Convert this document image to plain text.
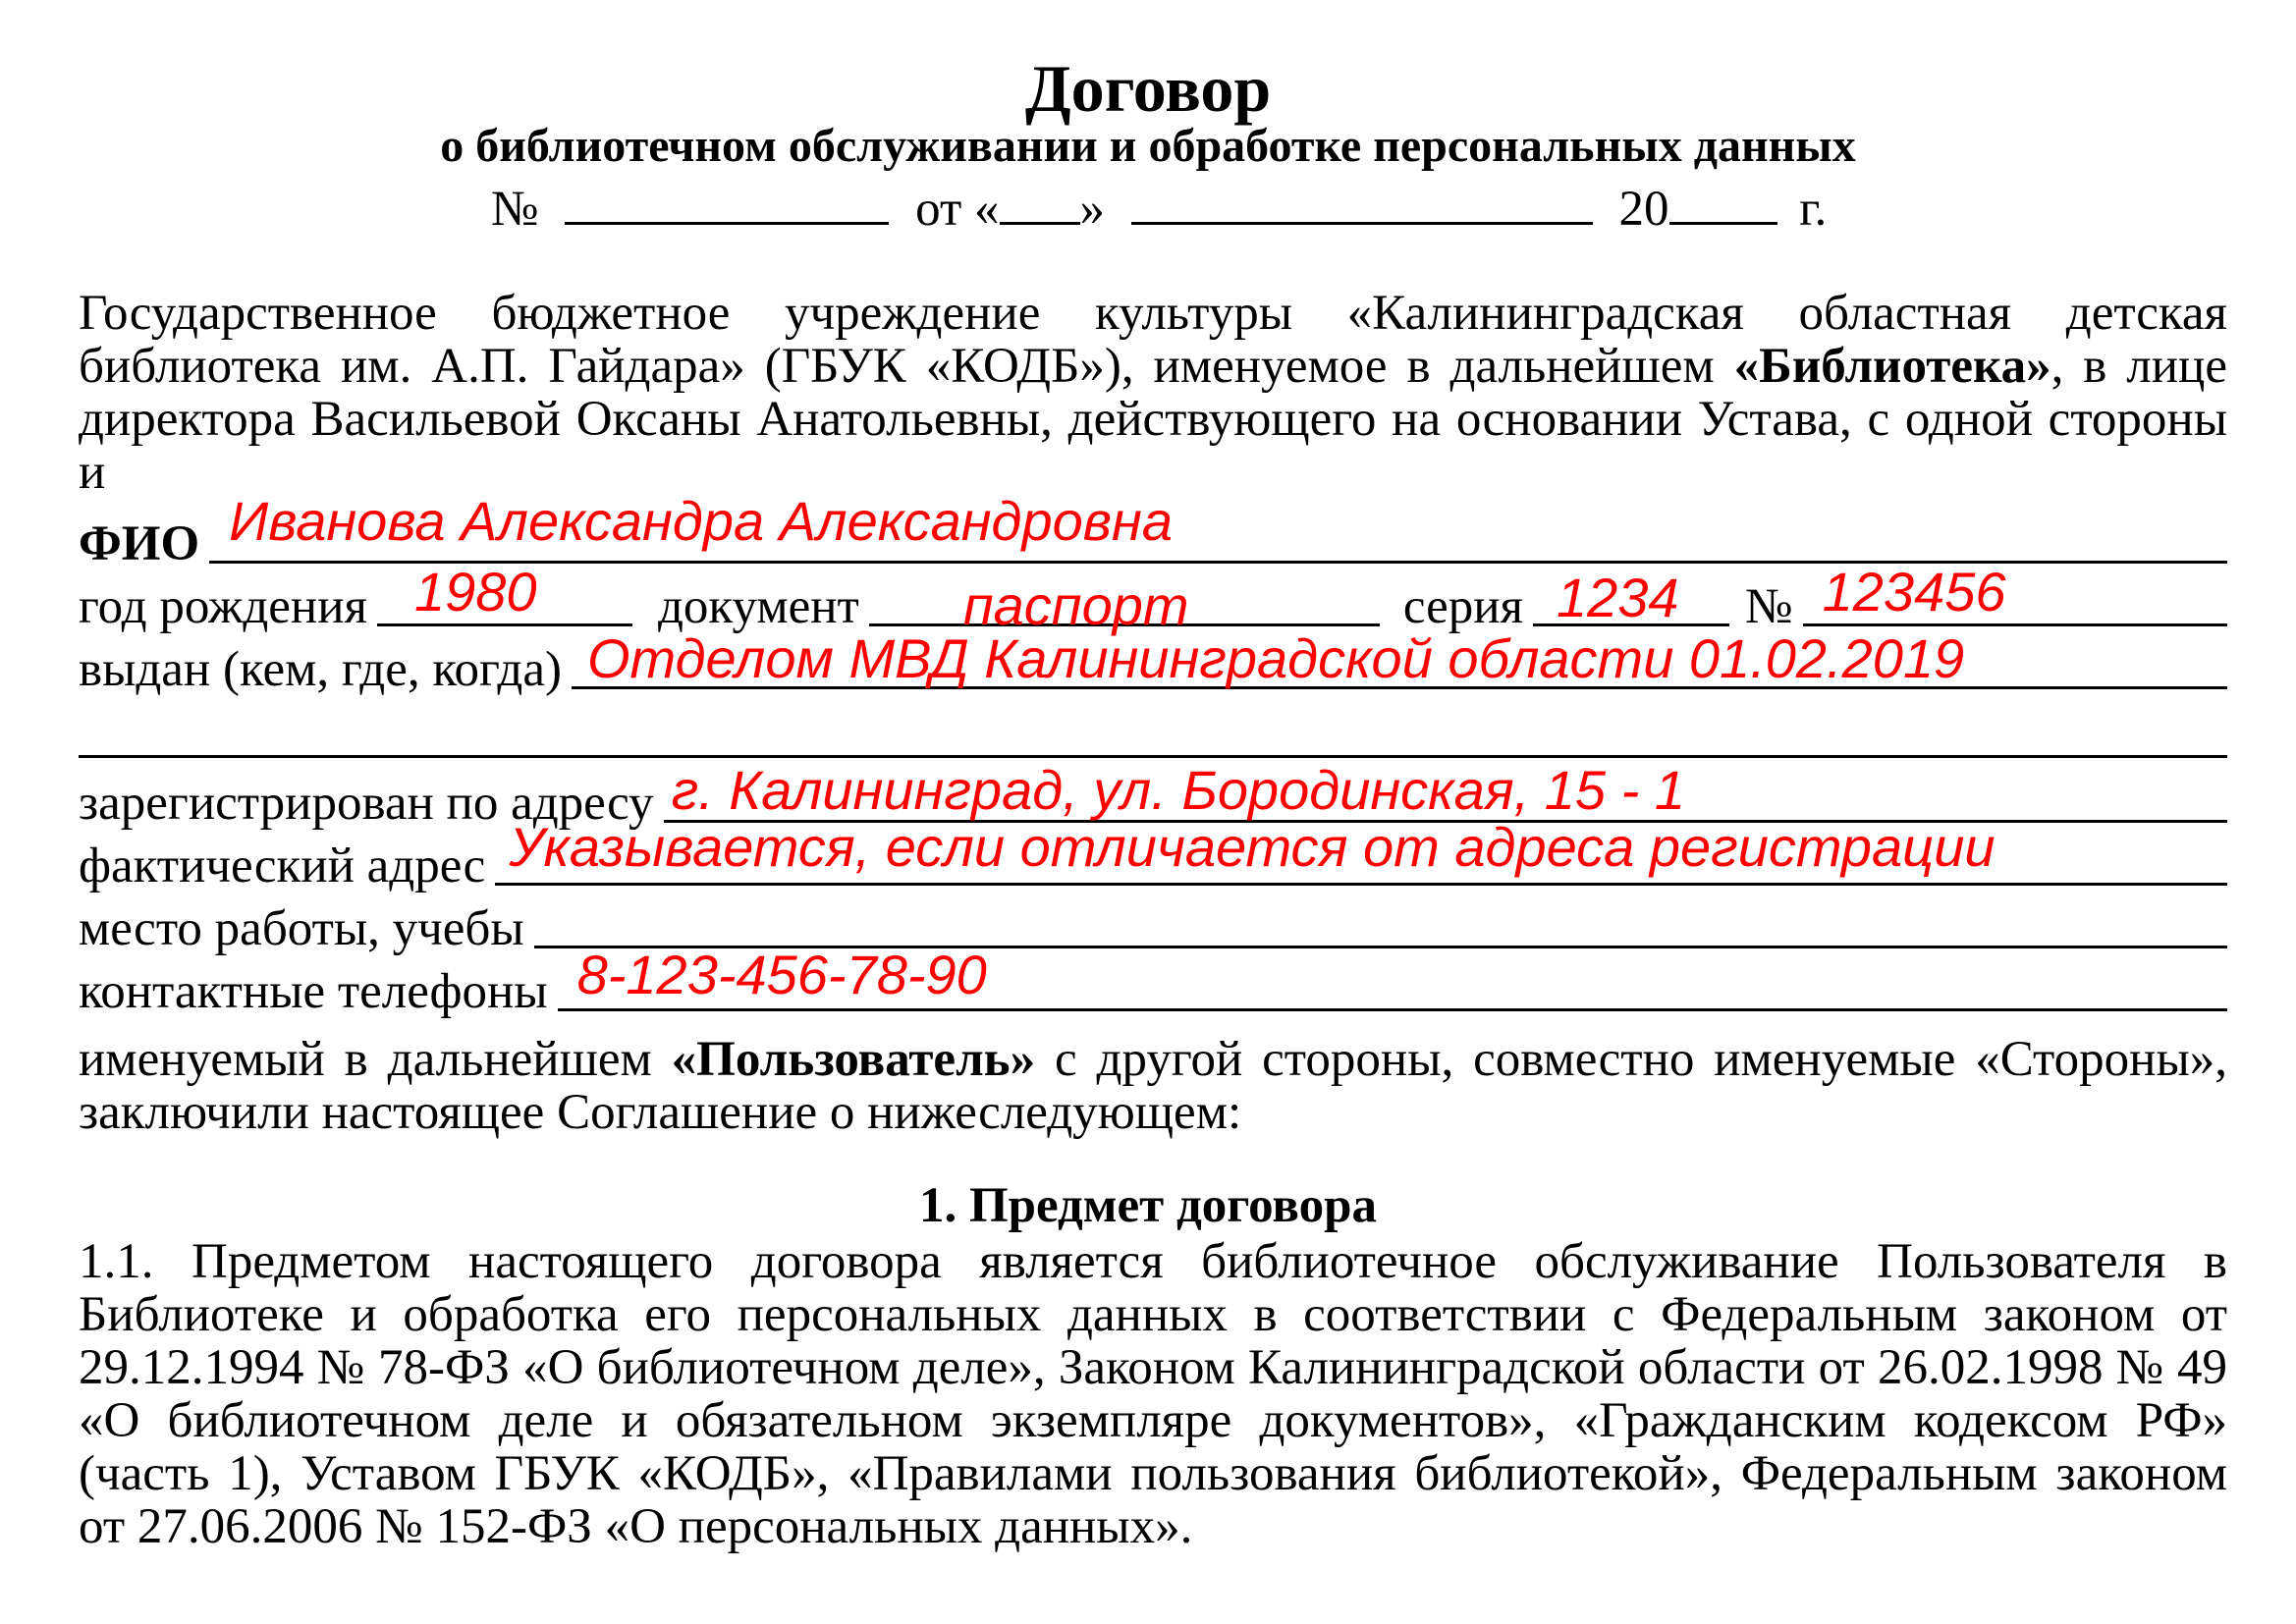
Договор
о библиотечном обслуживании и обработке персональных данных
№	от « »	20	г.
Государственное бюджетное учреждение культуры «Калининградская областная детская библиотека им. А.П. Гайдара» (ГБУК «КОДБ»), именуемое в дальнейшем «Библиотека», в лице директора Васильевой Оксаны Анатольевны, действующего на основании Устава, с одной стороны и
ФИО Иванова Александра Александровна
год рождения 1980	документ паспорт	серия 1234	№ 123456
выдан (кем, где, когда) Отделом МВД Калининградской области 01.02.2019
зарегистрирован по адресу г. Калининград, ул. Бородинская, 15 - 1
фактический адрес Указывается, если отличается от адреса регистрации
место работы, учебы
контактные телефоны 8-123-456-78-90
именуемый в дальнейшем «Пользователь» с другой стороны, совместно именуемые «Стороны», заключили настоящее Соглашение о нижеследующем:
1. Предмет договора
1.1. Предметом настоящего договора является библиотечное обслуживание Пользователя в Библиотеке и обработка его персональных данных в соответствии с Федеральным законом от 29.12.1994 № 78-ФЗ «О библиотечном деле», Законом Калининградской области от 26.02.1998 № 49 «О библиотечном деле и обязательном экземпляре документов», «Гражданским кодексом РФ» (часть 1), Уставом ГБУК «КОДБ», «Правилами пользования библиотекой», Федеральным законом от 27.06.2006 № 152-ФЗ «О персональных данных».
